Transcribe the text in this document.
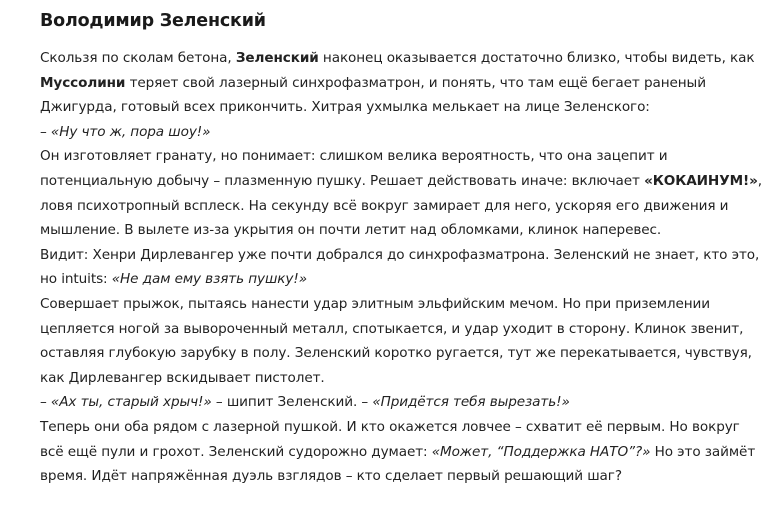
Володимир Зеленский
Скользя по сколам бетона, Зеленский наконец оказывается достаточно близко, чтобы видеть, как
Муссолини теряет свой лазерный синхрофазматрон, и понять, что там ещё бегает раненый
Джигурда, готовый всех прикончить. Хитрая ухмылка мелькает на лице Зеленского:
– «Ну что ж, пора шоу!»
Он изготовляет гранату, но понимает: слишком велика вероятность, что она зацепит и
потенциальную добычу – плазменную пушку. Решает действовать иначе: включает «КОКАИНУМ!»,
ловя психотропный всплеск. На секунду всё вокруг замирает для него, ускоряя его движения и
мышление. В вылете из-за укрытия он почти летит над обломками, клинок наперевес.
Видит: Хенри Дирлевангер уже почти добрался до синхрофазматрона. Зеленский не знает, кто это,
но intuits: «Не дам ему взять пушку!»
Совершает прыжок, пытаясь нанести удар элитным эльфийским мечом. Но при приземлении
цепляется ногой за вывороченный металл, спотыкается, и удар уходит в сторону. Клинок звенит,
оставляя глубокую зарубку в полу. Зеленский коротко ругается, тут же перекатывается, чувствуя,
как Дирлевангер вскидывает пистолет.
– «Ах ты, старый хрыч!» – шипит Зеленский. – «Придётся тебя вырезать!»
Теперь они оба рядом с лазерной пушкой. И кто окажется ловчее – схватит её первым. Но вокруг
всё ещё пули и грохот. Зеленский судорожно думает: «Может, “Поддержка НАТО”?» Но это займёт
время. Идёт напряжённая дуэль взглядов – кто сделает первый решающий шаг?
